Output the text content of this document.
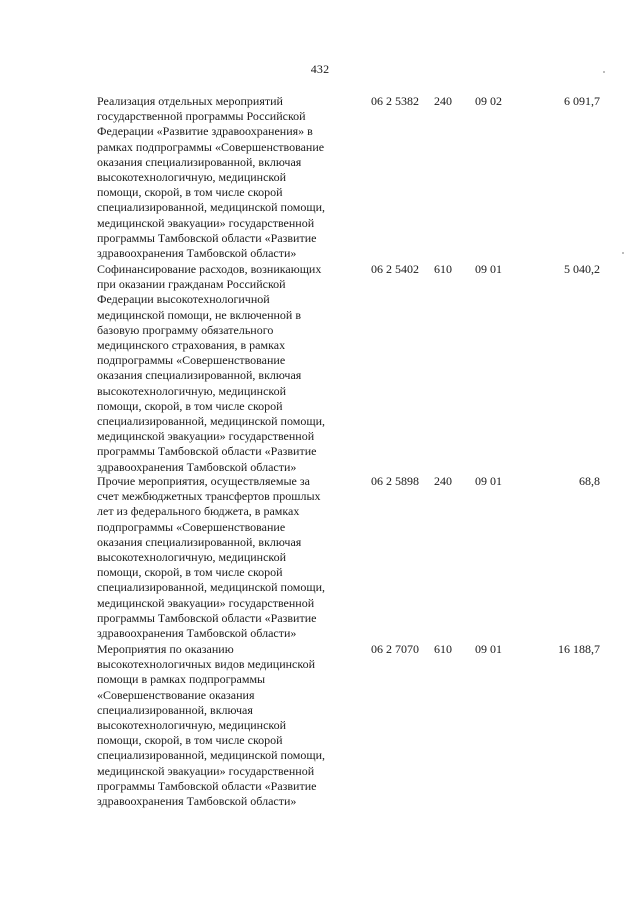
432
Реализация отдельных мероприятий
государственной программы Российской
Федерации «Развитие здравоохранения» в
рамках подпрограммы «Совершенствование
оказания специализированной, включая
высокотехнологичную, медицинской
помощи, скорой, в том числе скорой
специализированной, медицинской помощи,
медицинской эвакуации» государственной
программы Тамбовской области «Развитие
здравоохранения Тамбовской области»
06 2 5382 240 09 02	6 091,7
Софинансирование расходов, возникающих
при оказании гражданам Российской
Федерации высокотехнологичной
медицинской помощи, не включенной в
базовую программу обязательного
медицинского страхования, в рамках
подпрограммы «Совершенствование
оказания специализированной, включая
высокотехнологичную, медицинской
помощи, скорой, в том числе скорой
специализированной, медицинской помощи,
медицинской эвакуации» государственной
программы Тамбовской области «Развитие
здравоохранения Тамбовской области»
06 2 5402 610 09 01	5 040,2
Прочие мероприятия, осуществляемые за
счет межбюджетных трансфертов прошлых
лет из федерального бюджета, в рамках
подпрограммы «Совершенствование
оказания специализированной, включая
высокотехнологичную, медицинской
помощи, скорой, в том числе скорой
специализированной, медицинской помощи,
медицинской эвакуации» государственной
программы Тамбовской области «Развитие
здравоохранения Тамбовской области»
06 2 5898 240 09 01	68,8
Мероприятия по оказанию
высокотехнологичных видов медицинской
помощи в рамках подпрограммы
«Совершенствование оказания
специализированной, включая
высокотехнологичную, медицинской
помощи, скорой, в том числе скорой
специализированной, медицинской помощи,
медицинской эвакуации» государственной
программы Тамбовской области «Развитие
здравоохранения Тамбовской области»
06 2 7070 610 09 01	16 188,7
